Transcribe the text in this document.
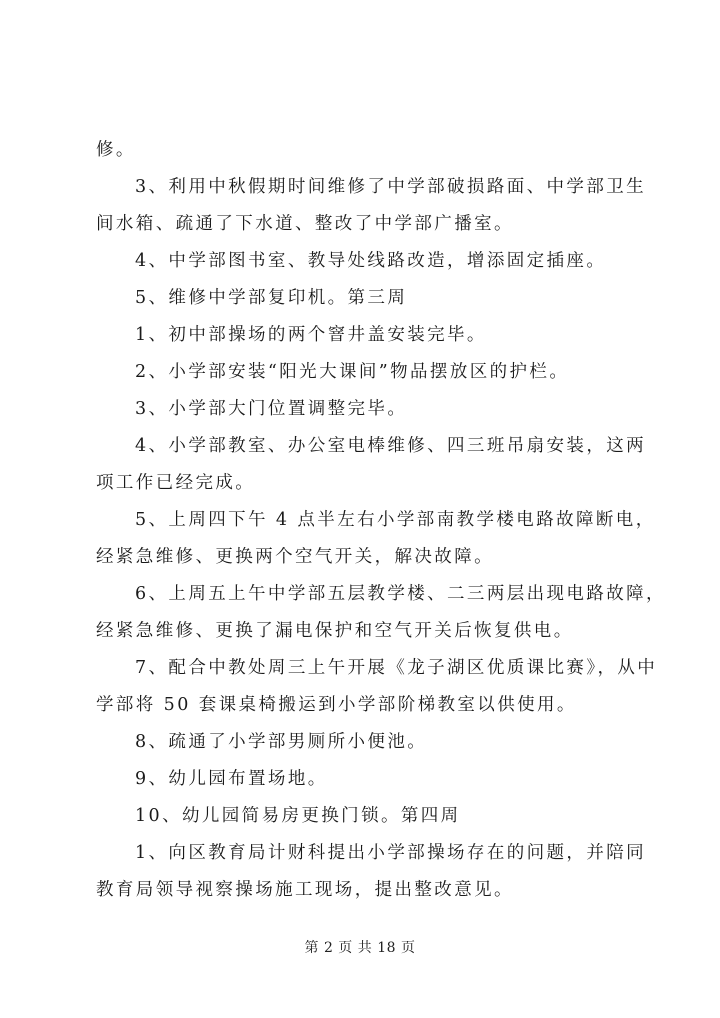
修。
3、利用中秋假期时间维修了中学部破损路面、中学部卫生
间水箱、疏通了下水道、整改了中学部广播室。
4、中学部图书室、教导处线路改造，增添固定插座。
5、维修中学部复印机。第三周
1、初中部操场的两个窨井盖安装完毕。
2、小学部安装“阳光大课间”物品摆放区的护栏。
3、小学部大门位置调整完毕。
4、小学部教室、办公室电棒维修、四三班吊扇安装，这两
项工作已经完成。
5、上周四下午 4 点半左右小学部南教学楼电路故障断电，
经紧急维修、更换两个空气开关，解决故障。
6、上周五上午中学部五层教学楼、二三两层出现电路故障，
经紧急维修、更换了漏电保护和空气开关后恢复供电。
7、配合中教处周三上午开展《龙子湖区优质课比赛》，从中
学部将 50 套课桌椅搬运到小学部阶梯教室以供使用。
8、疏通了小学部男厕所小便池。
9、幼儿园布置场地。
10、幼儿园简易房更换门锁。第四周
1、向区教育局计财科提出小学部操场存在的问题，并陪同
教育局领导视察操场施工现场，提出整改意见。
第 2 页 共 18 页
